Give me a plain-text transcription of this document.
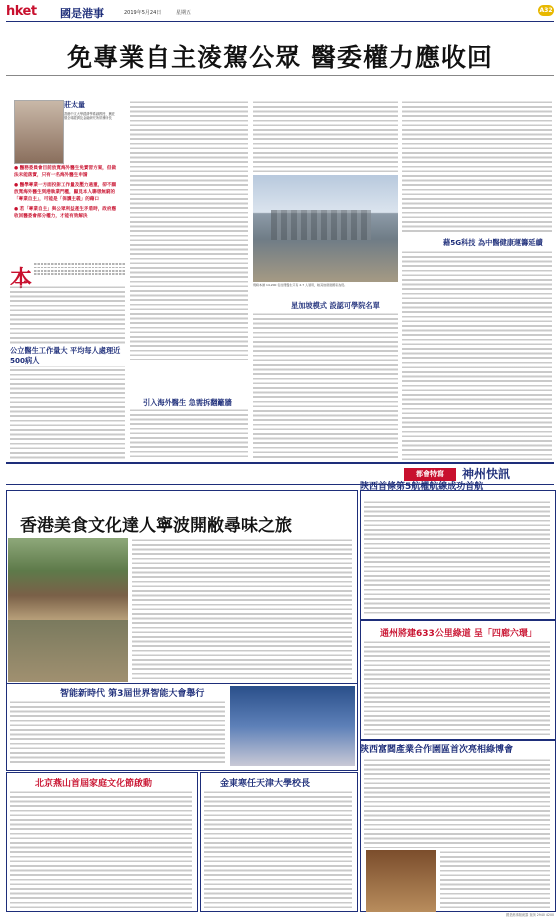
hket 國是港事	2019年5月24日	星期五	A32
免專業自主淩駕公眾 醫委權力應收回
莊太量
香港中文大學經濟學系副教授、劉佐德全球經濟及金融研究所常務所長
● 醫務委員會目前放寬海外醫生免實習方案，但做法未能落實，只有一名海外醫生申請
● 醫學專業一方面投訴工作量及壓力過重，卻不願放寬海外醫生到港執業門檻，顯見本人聯想無窮的「專業自主」，可能是「保護主義」的藉口
● 若「專業自主」與公眾利益產生矛盾時，政府應收回醫委會部分權力，才能有效解決
本
公立醫生工作量大 平均每人處理近500病人
引入海外醫生 急需拆翻籬牆
現時本港 14,200 名註冊醫生只有 2.7 人須用，較其他發達國家為低。
星加坡模式 設認可學院名單
藉5G科技 為中醫健康運籌延續
都會特寫	神州快訊
香港美食文化達人寧波開敝尋味之旅
智能新時代 第3屆世界智能大會舉行
北京燕山首屆家庭文化節啟動	金東寒任天津大學校長
陝西首條第5航權航線成功首航
通州將建633公里綠道 呈「四廊六環」
陝西富閻產業合作園區首次亮相綠博會
國是港事版統籌 查詢 2940 4200
